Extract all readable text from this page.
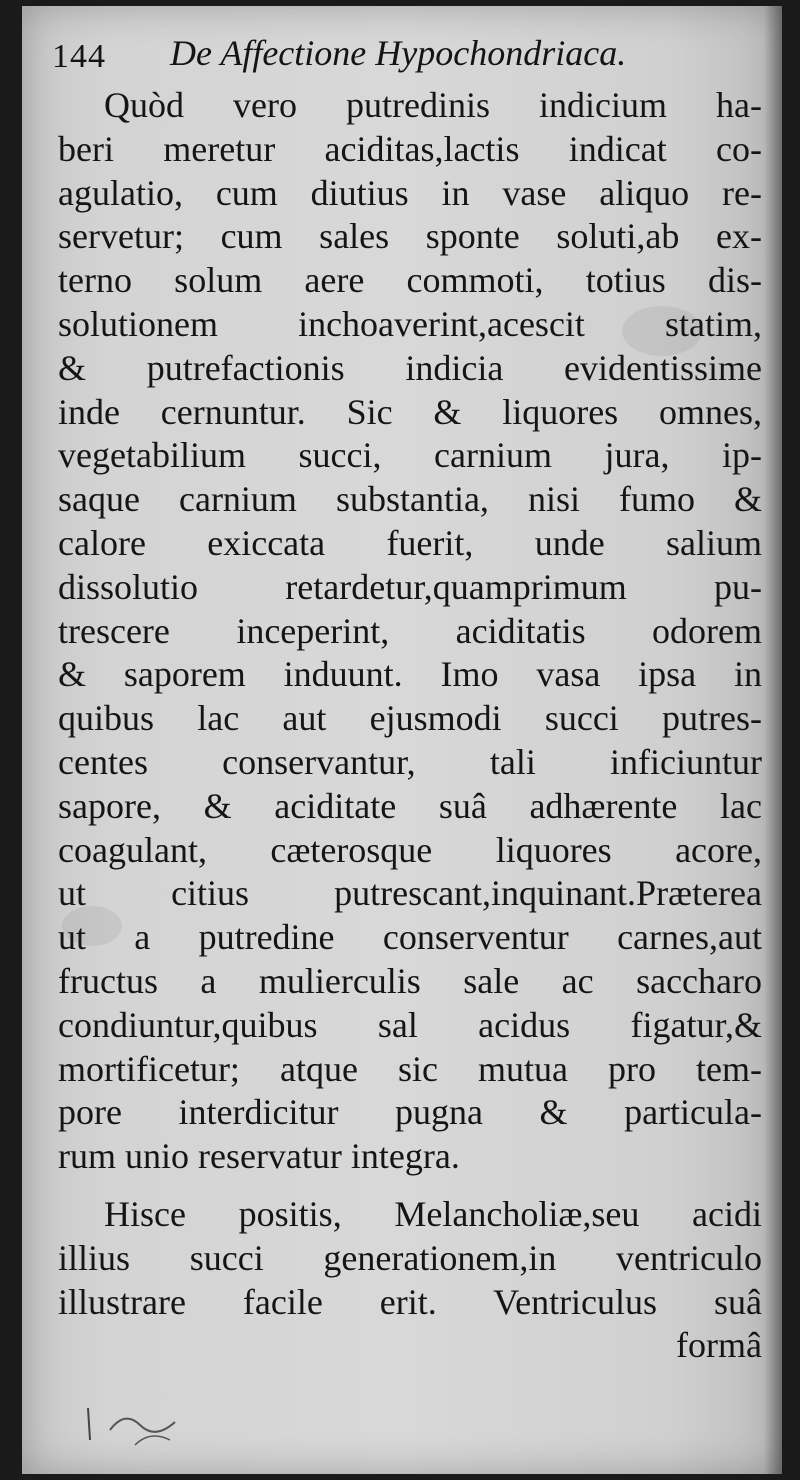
144 De Affectione Hypochondriaca.
Quòd vero putredinis indicium ha-
beri meretur aciditas,lactis indicat co-
agulatio, cum diutius in vase aliquo re-
servetur; cum sales sponte soluti,ab ex-
terno solum aere commoti, totius dis-
solutionem inchoaverint,acescit statim,
& putrefactionis indicia evidentissime
inde cernuntur. Sic & liquores omnes,
vegetabilium succi, carnium jura, ip-
saque carnium substantia, nisi fumo &
calore exiccata fuerit, unde salium
dissolutio retardetur,quamprimum pu-
trescere inceperint, aciditatis odorem
& saporem induunt. Imo vasa ipsa in
quibus lac aut ejusmodi succi putres-
centes conservantur, tali inficiuntur
sapore, & aciditate suâ adhærente lac
coagulant, cæterosque liquores acore,
ut citius putrescant,inquinant.Præterea
ut a putredine conserventur carnes,aut
fructus a mulierculis sale ac saccharo
condiuntur,quibus sal acidus figatur,&
mortificetur; atque sic mutua pro tem-
pore interdicitur pugna & particula-
rum unio reservatur integra.
Hisce positis, Melancholiæ,seu acidi
illius succi generationem,in ventriculo
illustrare facile erit. Ventriculus suâ
formâ
